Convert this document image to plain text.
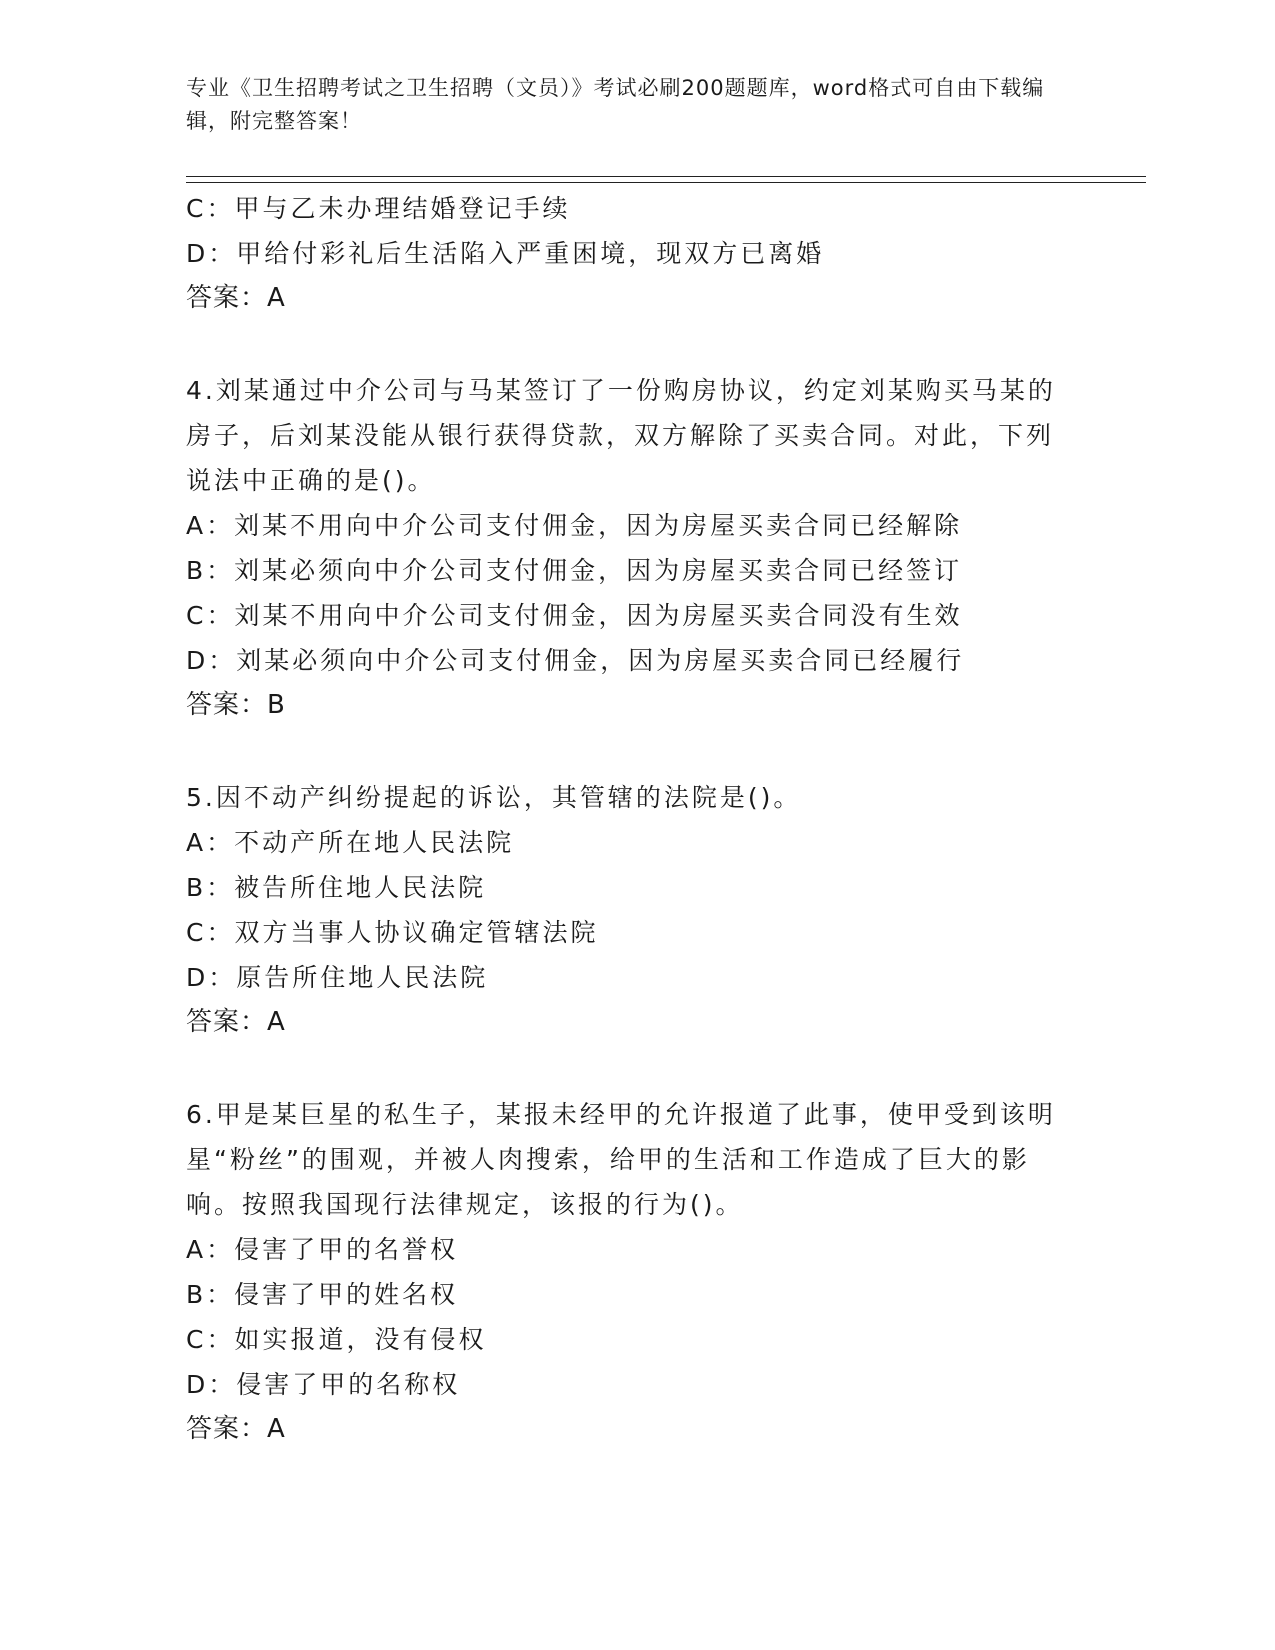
专业《卫生招聘考试之卫生招聘（文员）》考试必刷200题题库，word格式可自由下载编辑，附完整答案！
C：甲与乙未办理结婚登记手续
D：甲给付彩礼后生活陷入严重困境，现双方已离婚
答案：A
4.刘某通过中介公司与马某签订了一份购房协议，约定刘某购买马某的房子，后刘某没能从银行获得贷款，双方解除了买卖合同。对此，下列说法中正确的是()。
A：刘某不用向中介公司支付佣金，因为房屋买卖合同已经解除
B：刘某必须向中介公司支付佣金，因为房屋买卖合同已经签订
C：刘某不用向中介公司支付佣金，因为房屋买卖合同没有生效
D：刘某必须向中介公司支付佣金，因为房屋买卖合同已经履行
答案：B
5.因不动产纠纷提起的诉讼，其管辖的法院是()。
A：不动产所在地人民法院
B：被告所住地人民法院
C：双方当事人协议确定管辖法院
D：原告所住地人民法院
答案：A
6.甲是某巨星的私生子，某报未经甲的允许报道了此事，使甲受到该明星“粉丝”的围观，并被人肉搜索，给甲的生活和工作造成了巨大的影响。按照我国现行法律规定，该报的行为()。
A：侵害了甲的名誉权
B：侵害了甲的姓名权
C：如实报道，没有侵权
D：侵害了甲的名称权
答案：A
